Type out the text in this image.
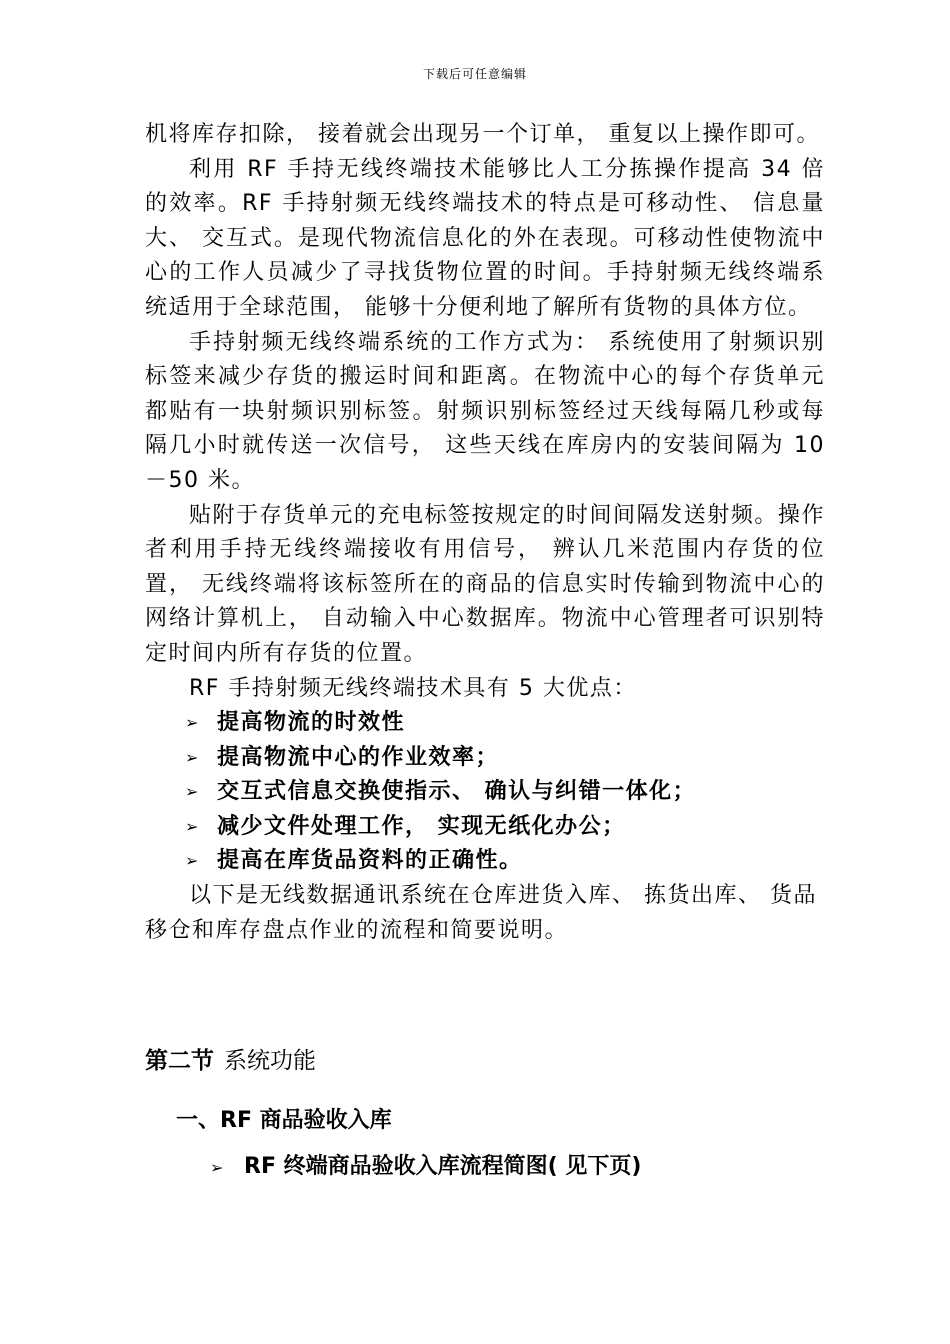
下载后可任意编辑

机将库存扣除， 接着就会出现另一个订单， 重复以上操作即可。

利用 RF 手持无线终端技术能够比人工分拣操作提高 34 倍的效率。RF 手持射频无线终端技术的特点是可移动性、 信息量大、 交互式。是现代物流信息化的外在表现。可移动性使物流中心的工作人员减少了寻找货物位置的时间。手持射频无线终端系统适用于全球范围， 能够十分便利地了解所有货物的具体方位。

手持射频无线终端系统的工作方式为： 系统使用了射频识别标签来减少存货的搬运时间和距离。在物流中心的每个存货单元都贴有一块射频识别标签。射频识别标签经过天线每隔几秒或每隔几小时就传送一次信号， 这些天线在库房内的安装间隔为 10－50 米。

贴附于存货单元的充电标签按规定的时间间隔发送射频。操作者利用手持无线终端接收有用信号， 辨认几米范围内存货的位置， 无线终端将该标签所在的商品的信息实时传输到物流中心的网络计算机上， 自动输入中心数据库。物流中心管理者可识别特定时间内所有存货的位置。

RF 手持射频无线终端技术具有 5 大优点：

➢ 提高物流的时效性
➢ 提高物流中心的作业效率；
➢ 交互式信息交换使指示、 确认与纠错一体化；
➢ 减少文件处理工作， 实现无纸化办公；
➢ 提高在库货品资料的正确性。

以下是无线数据通讯系统在仓库进货入库、 拣货出库、 货品移仓和库存盘点作业的流程和简要说明。

第二节 系统功能
一、RF 商品验收入库
➢ RF 终端商品验收入库流程简图( 见下页)
